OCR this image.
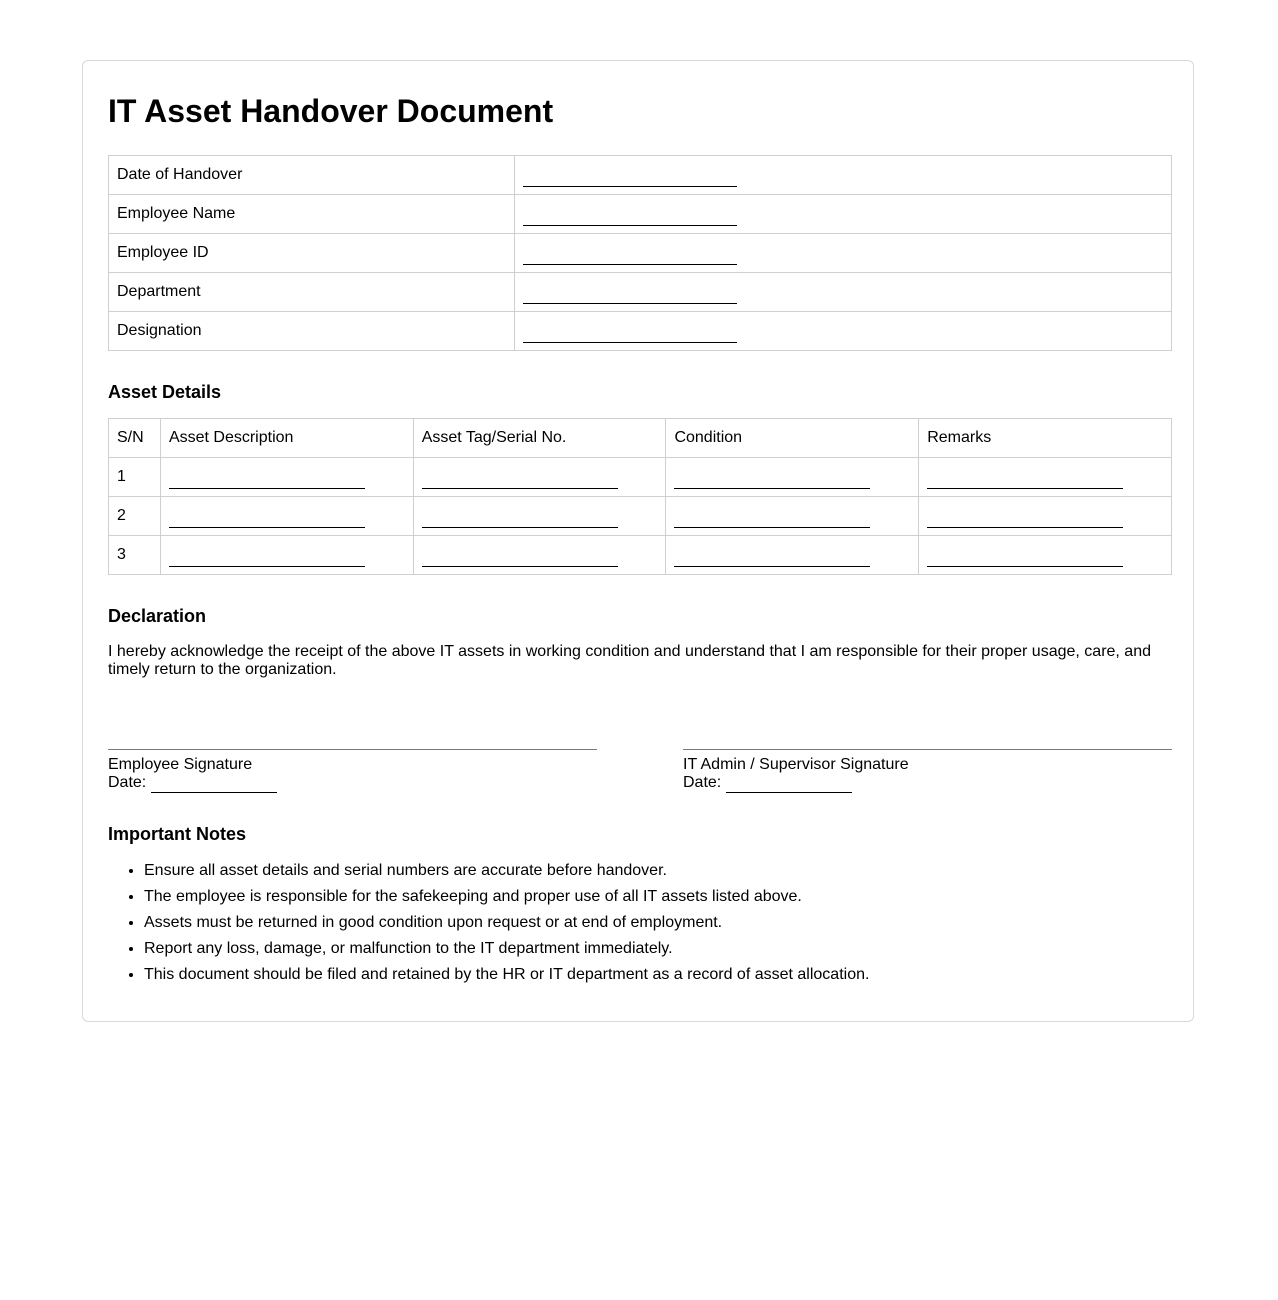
IT Asset Handover Document
Date of Handover	
Employee Name	
Employee ID	
Department	
Designation	
Asset Details
S/N	Asset Description	Asset Tag/Serial No.	Condition	Remarks
1				
2				
3				
Declaration

I hereby acknowledge the receipt of the above IT assets in working condition and understand that I am responsible for their proper usage, care, and timely return to the organization.

Employee Signature
Date:
IT Admin / Supervisor Signature
Date:
Important Notes
• Ensure all asset details and serial numbers are accurate before handover.
• The employee is responsible for the safekeeping and proper use of all IT assets listed above.
• Assets must be returned in good condition upon request or at end of employment.
• Report any loss, damage, or malfunction to the IT department immediately.
• This document should be filed and retained by the HR or IT department as a record of asset allocation.
